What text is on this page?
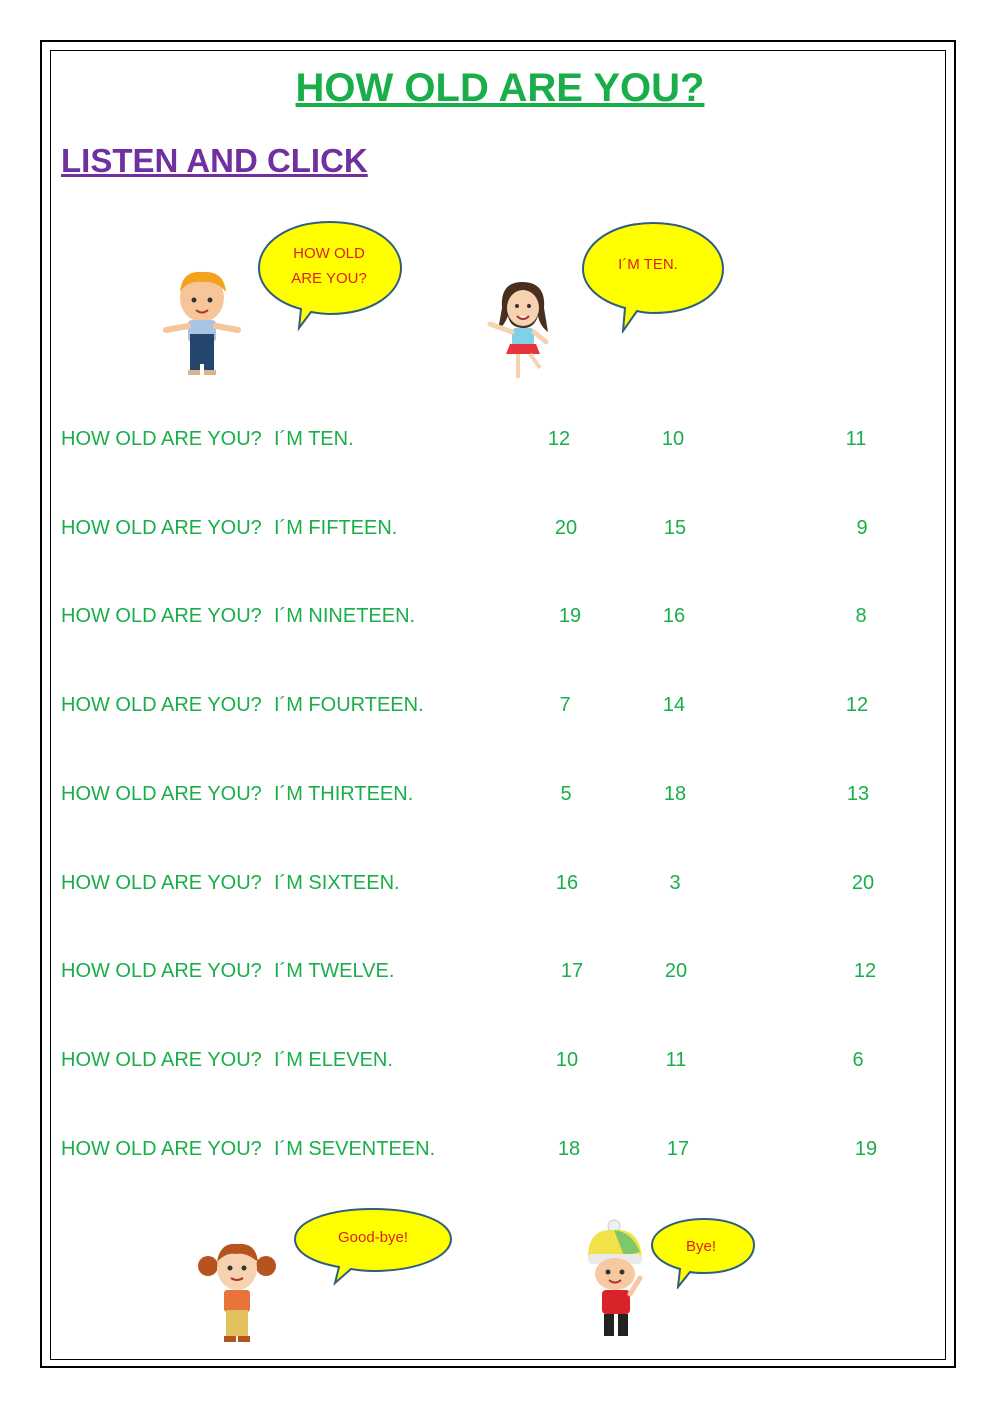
HOW OLD ARE YOU?
LISTEN AND CLICK
HOW OLD ARE YOU?
I´M TEN.
HOW OLD ARE YOU? I´M TEN.	12	10	11
HOW OLD ARE YOU? I´M FIFTEEN.	20	15	9
HOW OLD ARE YOU? I´M NINETEEN.	19	16	8
HOW OLD ARE YOU? I´M FOURTEEN.	7	14	12
HOW OLD ARE YOU? I´M THIRTEEN.	5	18	13
HOW OLD ARE YOU? I´M SIXTEEN.	16	3	20
HOW OLD ARE YOU? I´M TWELVE.	17	20	12
HOW OLD ARE YOU? I´M ELEVEN.	10	11	6
HOW OLD ARE YOU? I´M SEVENTEEN.	18	17	19
Good-bye!
Bye!
